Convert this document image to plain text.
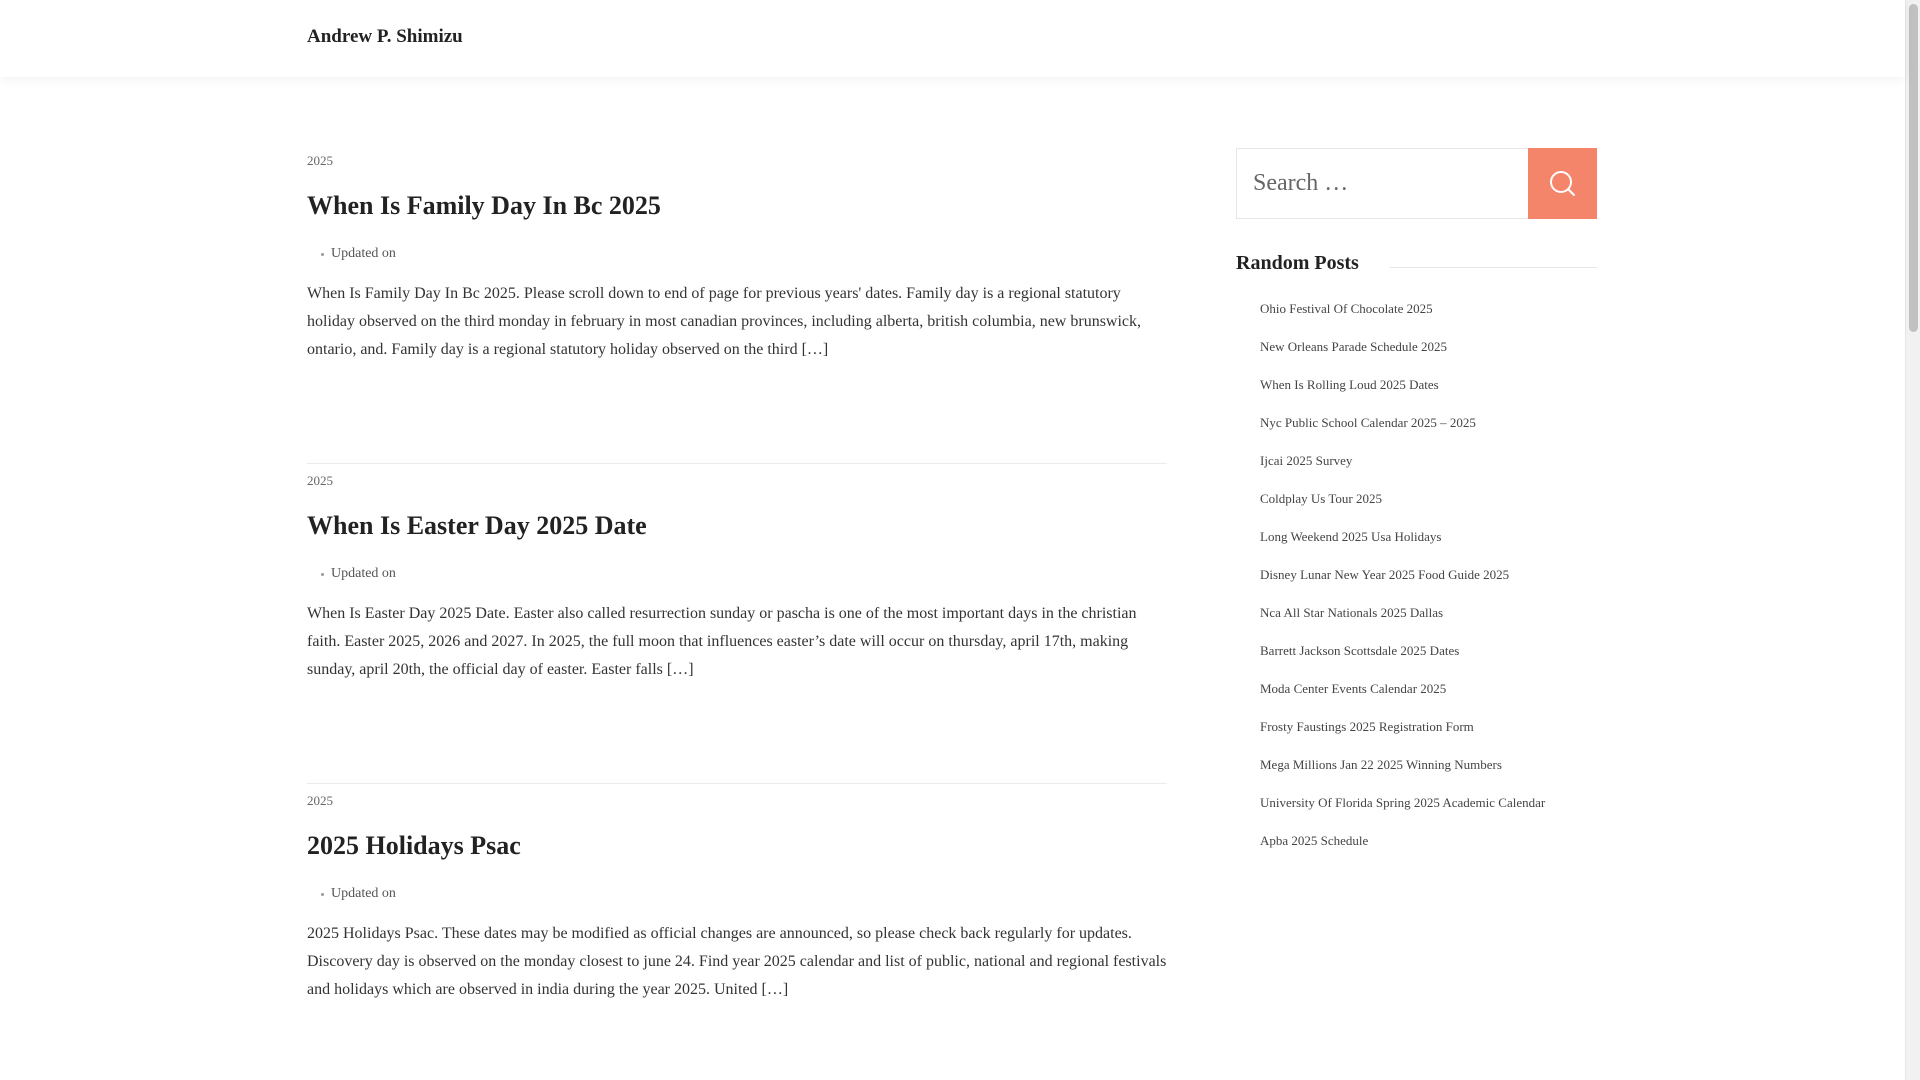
Andrew P. Shimizu
2025
When Is Family Day In Bc 2025
Updated on

When Is Family Day In Bc 2025. Please scroll down to end of page for previous years' dates. Family day is a regional statutory holiday observed on the third monday in february in most canadian provinces, including alberta, british columbia, new brunswick, ontario, and. Family day is a regional statutory holiday observed on the third […]

2025
When Is Easter Day 2025 Date
Updated on

When Is Easter Day 2025 Date. Easter also called resurrection sunday or pascha is one of the most important days in the christian faith. Easter 2025, 2026 and 2027. In 2025, the full moon that influences easter’s date will occur on thursday, april 17th, making sunday, april 20th, the official day of easter. Easter falls […]

2025
2025 Holidays Psac
Updated on

2025 Holidays Psac. These dates may be modified as official changes are announced, so please check back regularly for updates. Discovery day is observed on the monday closest to june 24. Find year 2025 calendar and list of public, national and regional festivals and holidays which are observed in india during the year 2025. United […]

Search …
Random Posts
Ohio Festival Of Chocolate 2025
New Orleans Parade Schedule 2025
When Is Rolling Loud 2025 Dates
Nyc Public School Calendar 2025 – 2025
Ijcai 2025 Survey
Coldplay Us Tour 2025
Long Weekend 2025 Usa Holidays
Disney Lunar New Year 2025 Food Guide 2025
Nca All Star Nationals 2025 Dallas
Barrett Jackson Scottsdale 2025 Dates
Moda Center Events Calendar 2025
Frosty Faustings 2025 Registration Form
Mega Millions Jan 22 2025 Winning Numbers
University Of Florida Spring 2025 Academic Calendar
Apba 2025 Schedule
